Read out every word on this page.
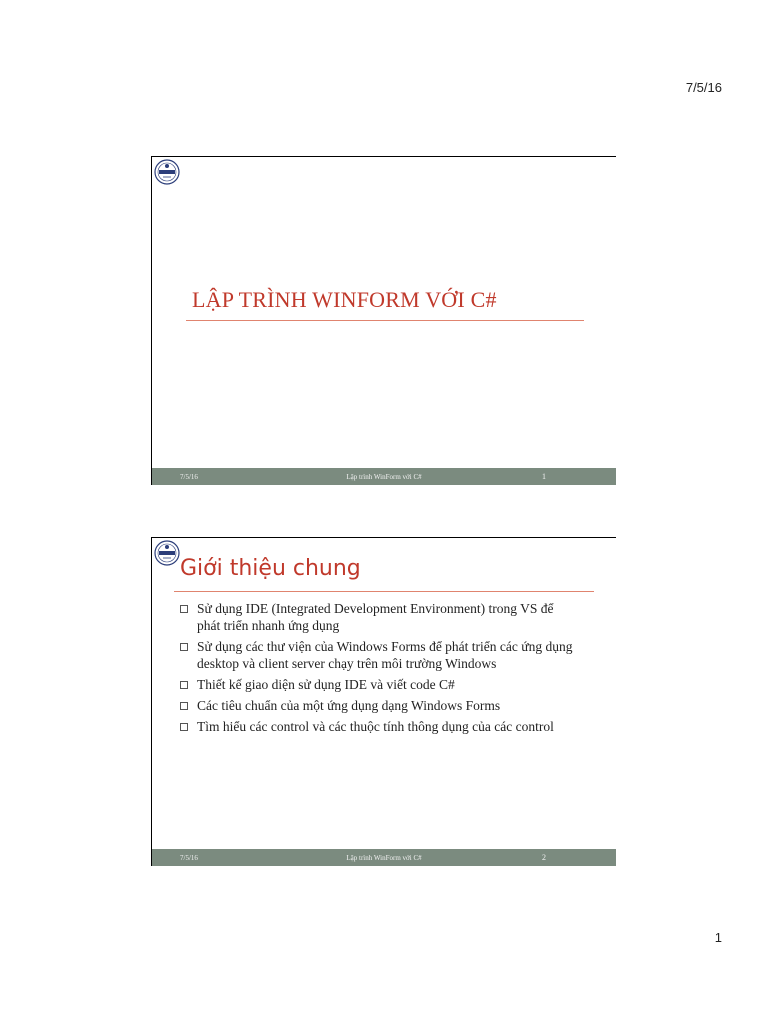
7/5/16
LẬP TRÌNH WINFORM VỚI C#
7/5/16	Lập trình WinForm với C#	1
Giới thiệu chung
Sử dụng IDE (Integrated Development Environment) trong VS để phát triển nhanh ứng dụng
Sử dụng các thư viện của Windows Forms để phát triển các ứng dụng desktop và client server chạy trên môi trường Windows
Thiết kế giao diện sử dụng IDE và viết code C#
Các tiêu chuẩn của một ứng dụng dạng Windows Forms
Tìm hiểu các control và các thuộc tính thông dụng của các control
7/5/16	Lập trình WinForm với C#	2
1
